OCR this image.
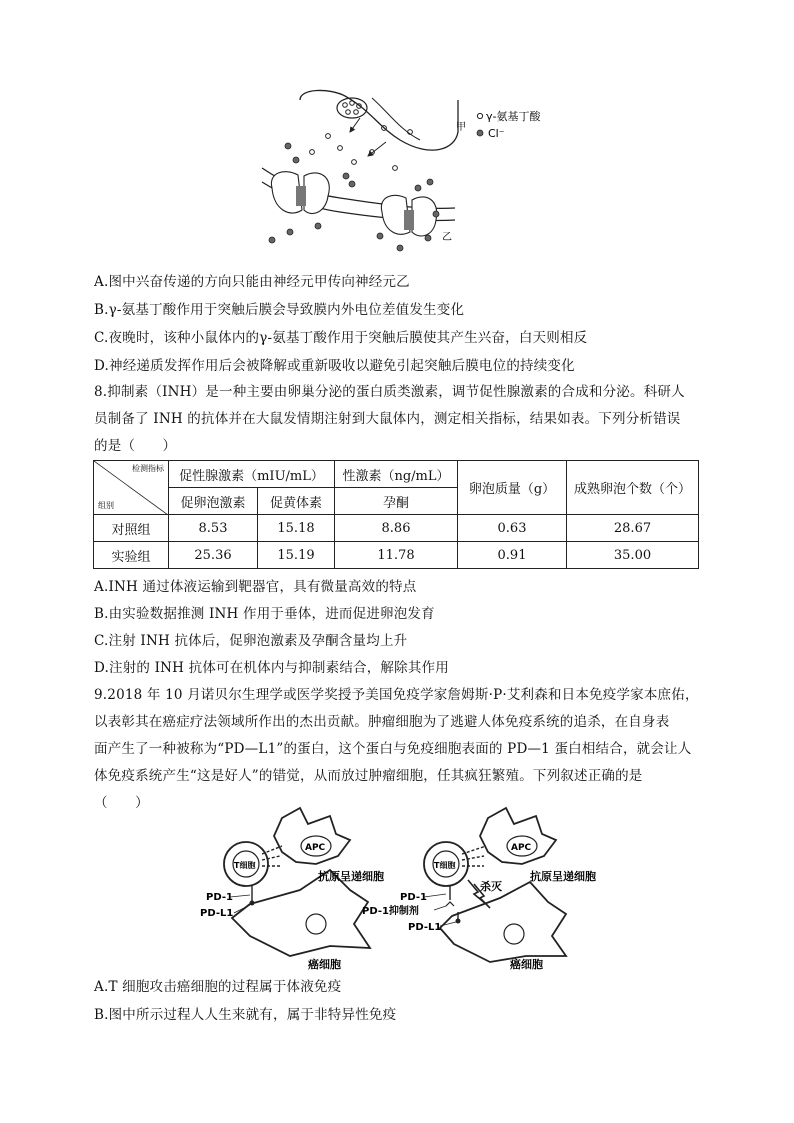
γ-氨基丁酸
Cl⁻
甲
乙
A.图中兴奋传递的方向只能由神经元甲传向神经元乙
B.γ-氨基丁酸作用于突触后膜会导致膜内外电位差值发生变化
C.夜晚时，该种小鼠体内的γ-氨基丁酸作用于突触后膜使其产生兴奋，白天则相反
D.神经递质发挥作用后会被降解或重新吸收以避免引起突触后膜电位的持续变化
8.抑制素（INH）是一种主要由卵巢分泌的蛋白质类激素，调节促性腺激素的合成和分泌。科研人
员制备了 INH 的抗体并在大鼠发情期注射到大鼠体内，测定相关指标，结果如表。下列分析错误
的是（　　）
检测指标
组别	促性腺激素（mIU/mL）		性激素（ng/mL）	卵泡质量（g）	成熟卵泡个数（个）
	促卵泡激素	促黄体素	孕酮		
对照组	8.53	15.18	8.86	0.63	28.67
实验组	25.36	15.19	11.78	0.91	35.00
A.INH 通过体液运输到靶器官，具有微量高效的特点
B.由实验数据推测 INH 作用于垂体，进而促进卵泡发育
C.注射 INH 抗体后，促卵泡激素及孕酮含量均上升
D.注射的 INH 抗体可在机体内与抑制素结合，解除其作用
9.2018 年 10 月诺贝尔生理学或医学奖授予美国免疫学家詹姆斯·P·艾利森和日本免疫学家本庶佑，
以表彰其在癌症疗法领域所作出的杰出贡献。肿瘤细胞为了逃避人体免疫系统的追杀，在自身表
面产生了一种被称为“PD—L1”的蛋白，这个蛋白与免疫细胞表面的 PD—1 蛋白相结合，就会让人
体免疫系统产生“这是好人”的错觉，从而放过肿瘤细胞，任其疯狂繁殖。下列叙述正确的是
（　　）
APC
T细胞
抗原呈递细胞
PD-1
PD-L1
癌细胞
APC
T细胞
杀灭
抗原呈递细胞
PD-1
PD-1抑制剂
PD-L1
癌细胞
A.T 细胞攻击癌细胞的过程属于体液免疫
B.图中所示过程人人生来就有，属于非特异性免疫
